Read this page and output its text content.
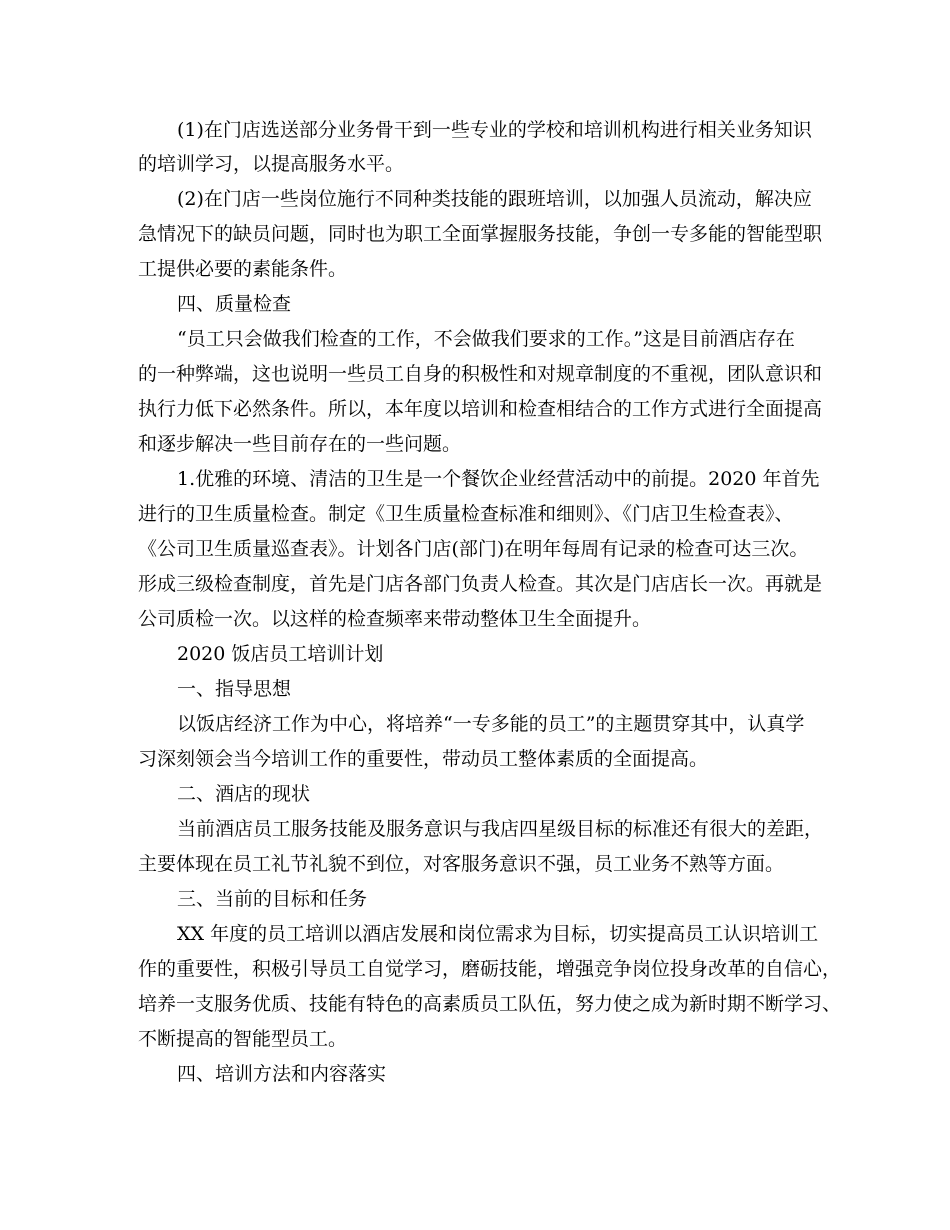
(1)在门店选送部分业务骨干到一些专业的学校和培训机构进行相关业务知识
的培训学习，以提高服务水平。
(2)在门店一些岗位施行不同种类技能的跟班培训，以加强人员流动，解决应
急情况下的缺员问题，同时也为职工全面掌握服务技能，争创一专多能的智能型职
工提供必要的素能条件。
四、质量检查
“员工只会做我们检查的工作，不会做我们要求的工作。”这是目前酒店存在
的一种弊端，这也说明一些员工自身的积极性和对规章制度的不重视，团队意识和
执行力低下必然条件。所以，本年度以培训和检查相结合的工作方式进行全面提高
和逐步解决一些目前存在的一些问题。
1.优雅的环境、清洁的卫生是一个餐饮企业经营活动中的前提。2020 年首先
进行的卫生质量检查。制定《卫生质量检查标准和细则》、《门店卫生检查表》、
《公司卫生质量巡查表》。计划各门店(部门)在明年每周有记录的检查可达三次。
形成三级检查制度，首先是门店各部门负责人检查。其次是门店店长一次。再就是
公司质检一次。以这样的检查频率来带动整体卫生全面提升。
2020 饭店员工培训计划
一、指导思想
以饭店经济工作为中心，将培养“一专多能的员工”的主题贯穿其中，认真学
习深刻领会当今培训工作的重要性，带动员工整体素质的全面提高。
二、酒店的现状
当前酒店员工服务技能及服务意识与我店四星级目标的标准还有很大的差距，
主要体现在员工礼节礼貌不到位，对客服务意识不强，员工业务不熟等方面。
三、当前的目标和任务
XX 年度的员工培训以酒店发展和岗位需求为目标，切实提高员工认识培训工
作的重要性，积极引导员工自觉学习，磨砺技能，增强竞争岗位投身改革的自信心，
培养一支服务优质、技能有特色的高素质员工队伍，努力使之成为新时期不断学习、
不断提高的智能型员工。
四、培训方法和内容落实
